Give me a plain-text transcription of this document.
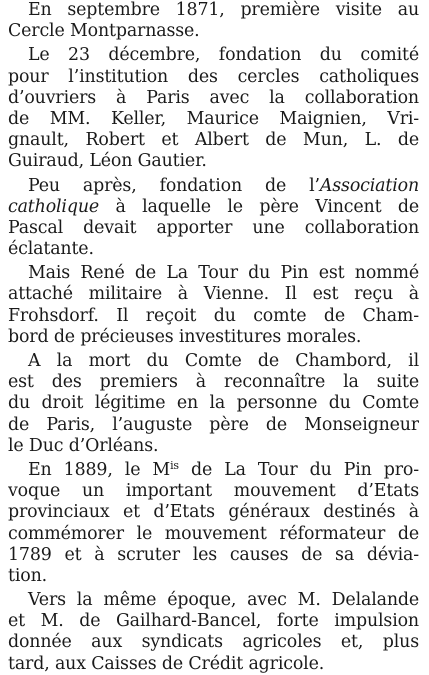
En septembre 1871, première visite au
Cercle Montparnasse.
Le 23 décembre, fondation du comité
pour l’institution des cercles catholiques
d’ouvriers à Paris avec la collaboration
de MM. Keller, Maurice Maignien, Vri-
gnault, Robert et Albert de Mun, L. de
Guiraud, Léon Gautier.
Peu après, fondation de l’Association
catholique à laquelle le père Vincent de
Pascal devait apporter une collaboration
éclatante.
Mais René de La Tour du Pin est nommé
attaché militaire à Vienne. Il est reçu à
Frohsdorf. Il reçoit du comte de Cham-
bord de précieuses investitures morales.
A la mort du Comte de Chambord, il
est des premiers à reconnaître la suite
du droit légitime en la personne du Comte
de Paris, l’auguste père de Monseigneur
le Duc d’Orléans.
En 1889, le $M^{is}$ de La Tour du Pin pro-
voque un important mouvement d’Etats
provinciaux et d’Etats généraux destinés à
commémorer le mouvement réformateur de
1789 et à scruter les causes de sa dévia-
tion.
Vers la même époque, avec M. Delalande
et M. de Gailhard-Bancel, forte impulsion
donnée aux syndicats agricoles et, plus
tard, aux Caisses de Crédit agricole.
